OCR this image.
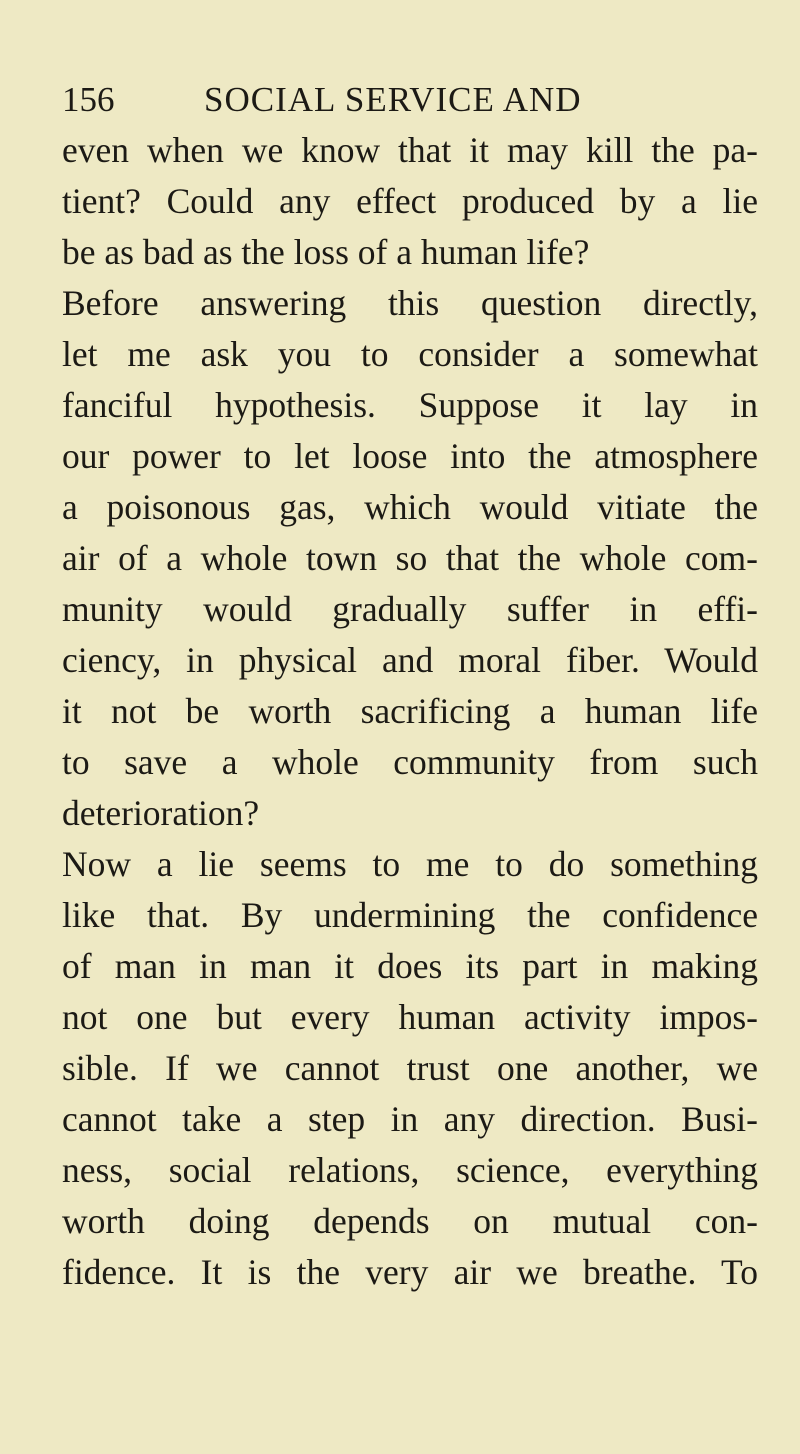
156	SOCIAL SERVICE AND
even when we know that it may kill the pa-
tient? Could any effect produced by a lie
be as bad as the loss of a human life?
Before answering this question directly,
let me ask you to consider a somewhat
fanciful hypothesis. Suppose it lay in
our power to let loose into the atmosphere
a poisonous gas, which would vitiate the
air of a whole town so that the whole com-
munity would gradually suffer in effi-
ciency, in physical and moral fiber. Would
it not be worth sacrificing a human life
to save a whole community from such
deterioration?
Now a lie seems to me to do something
like that. By undermining the confidence
of man in man it does its part in making
not one but every human activity impos-
sible. If we cannot trust one another, we
cannot take a step in any direction. Busi-
ness, social relations, science, everything
worth doing depends on mutual con-
fidence. It is the very air we breathe. To
